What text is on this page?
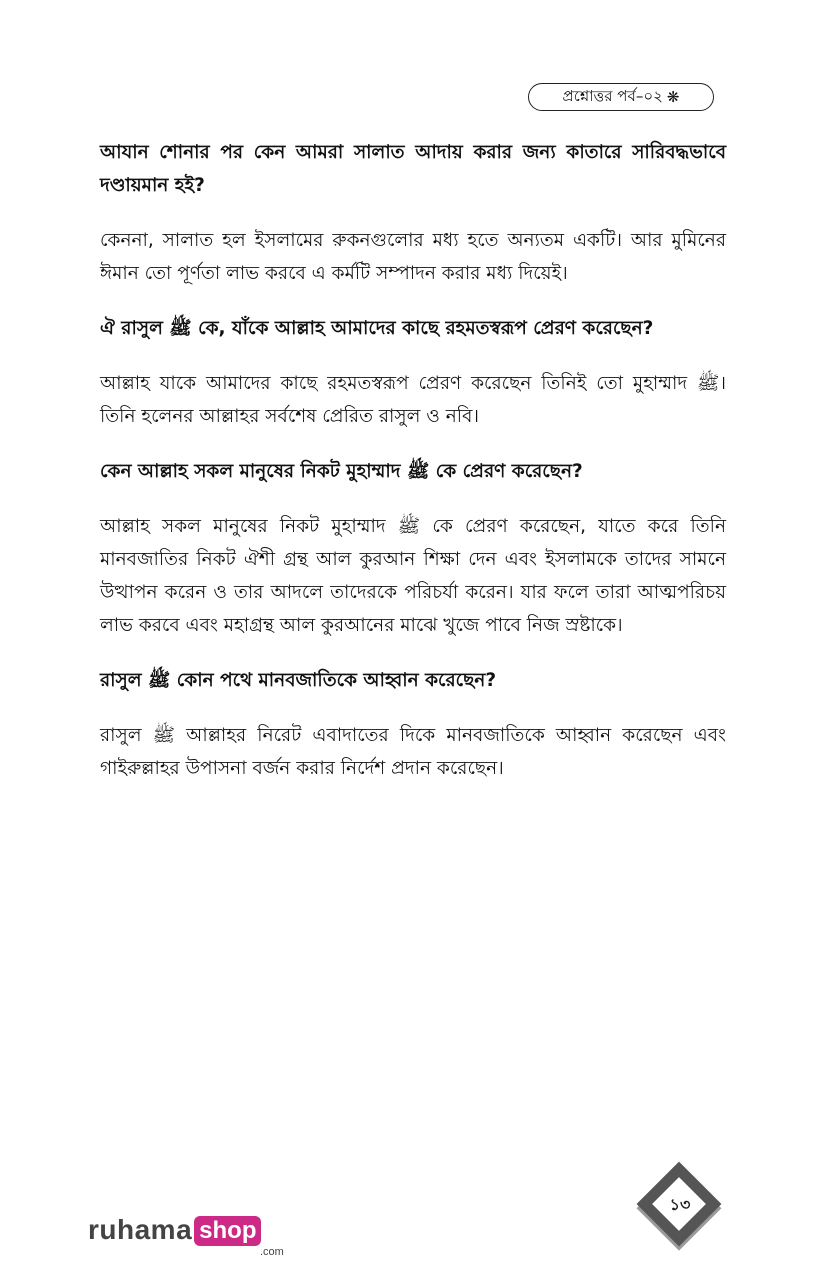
প্রশ্নোত্তর পর্ব–০২ ❋

আযান শোনার পর কেন আমরা সালাত আদায় করার জন্য কাতারে সারিবদ্ধভাবে দণ্ডায়মান হই?

কেননা, সালাত হল ইসলামের রুকনগুলোর মধ্য হতে অন্যতম একটি। আর মুমিনের ঈমান তো পূর্ণতা লাভ করবে এ কর্মটি সম্পাদন করার মধ্য দিয়েই।

ঐ রাসুল ﷺ কে, যাঁকে আল্লাহ আমাদের কাছে রহমতস্বরূপ প্রেরণ করেছেন?

আল্লাহ যাকে আমাদের কাছে রহমতস্বরূপ প্রেরণ করেছেন তিনিই তো মুহাম্মাদ ﷺ। তিনি হলেনর আল্লাহর সর্বশেষ প্রেরিত রাসুল ও নবি।

কেন আল্লাহ সকল মানুষের নিকট মুহাম্মাদ ﷺ কে প্রেরণ করেছেন?

আল্লাহ সকল মানুষের নিকট মুহাম্মাদ ﷺ কে প্রেরণ করেছেন, যাতে করে তিনি মানবজাতির নিকট ঐশী গ্রন্থ আল কুরআন শিক্ষা দেন এবং ইসলামকে তাদের সামনে উত্থাপন করেন ও তার আদলে তাদেরকে পরিচর্যা করেন। যার ফলে তারা আত্মপরিচয় লাভ করবে এবং মহাগ্রন্থ আল কুরআনের মাঝে খুজে পাবে নিজ স্রষ্টাকে।

রাসুল ﷺ কোন পথে মানবজাতিকে আহ্বান করেছেন?

রাসুল ﷺ আল্লাহর নিরেট এবাদাতের দিকে মানবজাতিকে আহ্বান করেছেন এবং গাইরুল্লাহর উপাসনা বর্জন করার নির্দেশ প্রদান করেছেন।

১৩
ruhama shop
.com
